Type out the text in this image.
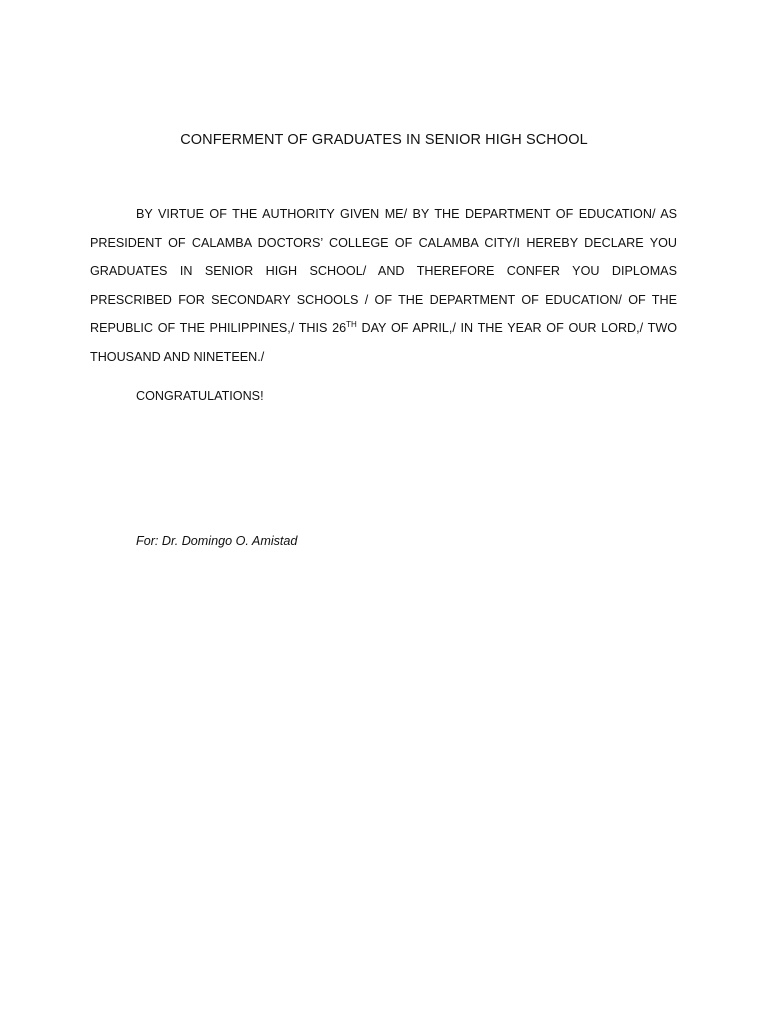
CONFERMENT OF GRADUATES IN SENIOR HIGH SCHOOL

BY VIRTUE OF THE AUTHORITY GIVEN ME/ BY THE DEPARTMENT OF EDUCATION/ AS PRESIDENT OF CALAMBA DOCTORS’ COLLEGE OF CALAMBA CITY/I HEREBY DECLARE YOU GRADUATES IN SENIOR HIGH SCHOOL/ AND THEREFORE CONFER YOU DIPLOMAS PRESCRIBED FOR SECONDARY SCHOOLS / OF THE DEPARTMENT OF EDUCATION/ OF THE REPUBLIC OF THE PHILIPPINES,/ THIS 26TH DAY OF APRIL,/ IN THE YEAR OF OUR LORD,/ TWO THOUSAND AND NINETEEN./

CONGRATULATIONS!

For: Dr. Domingo O. Amistad
